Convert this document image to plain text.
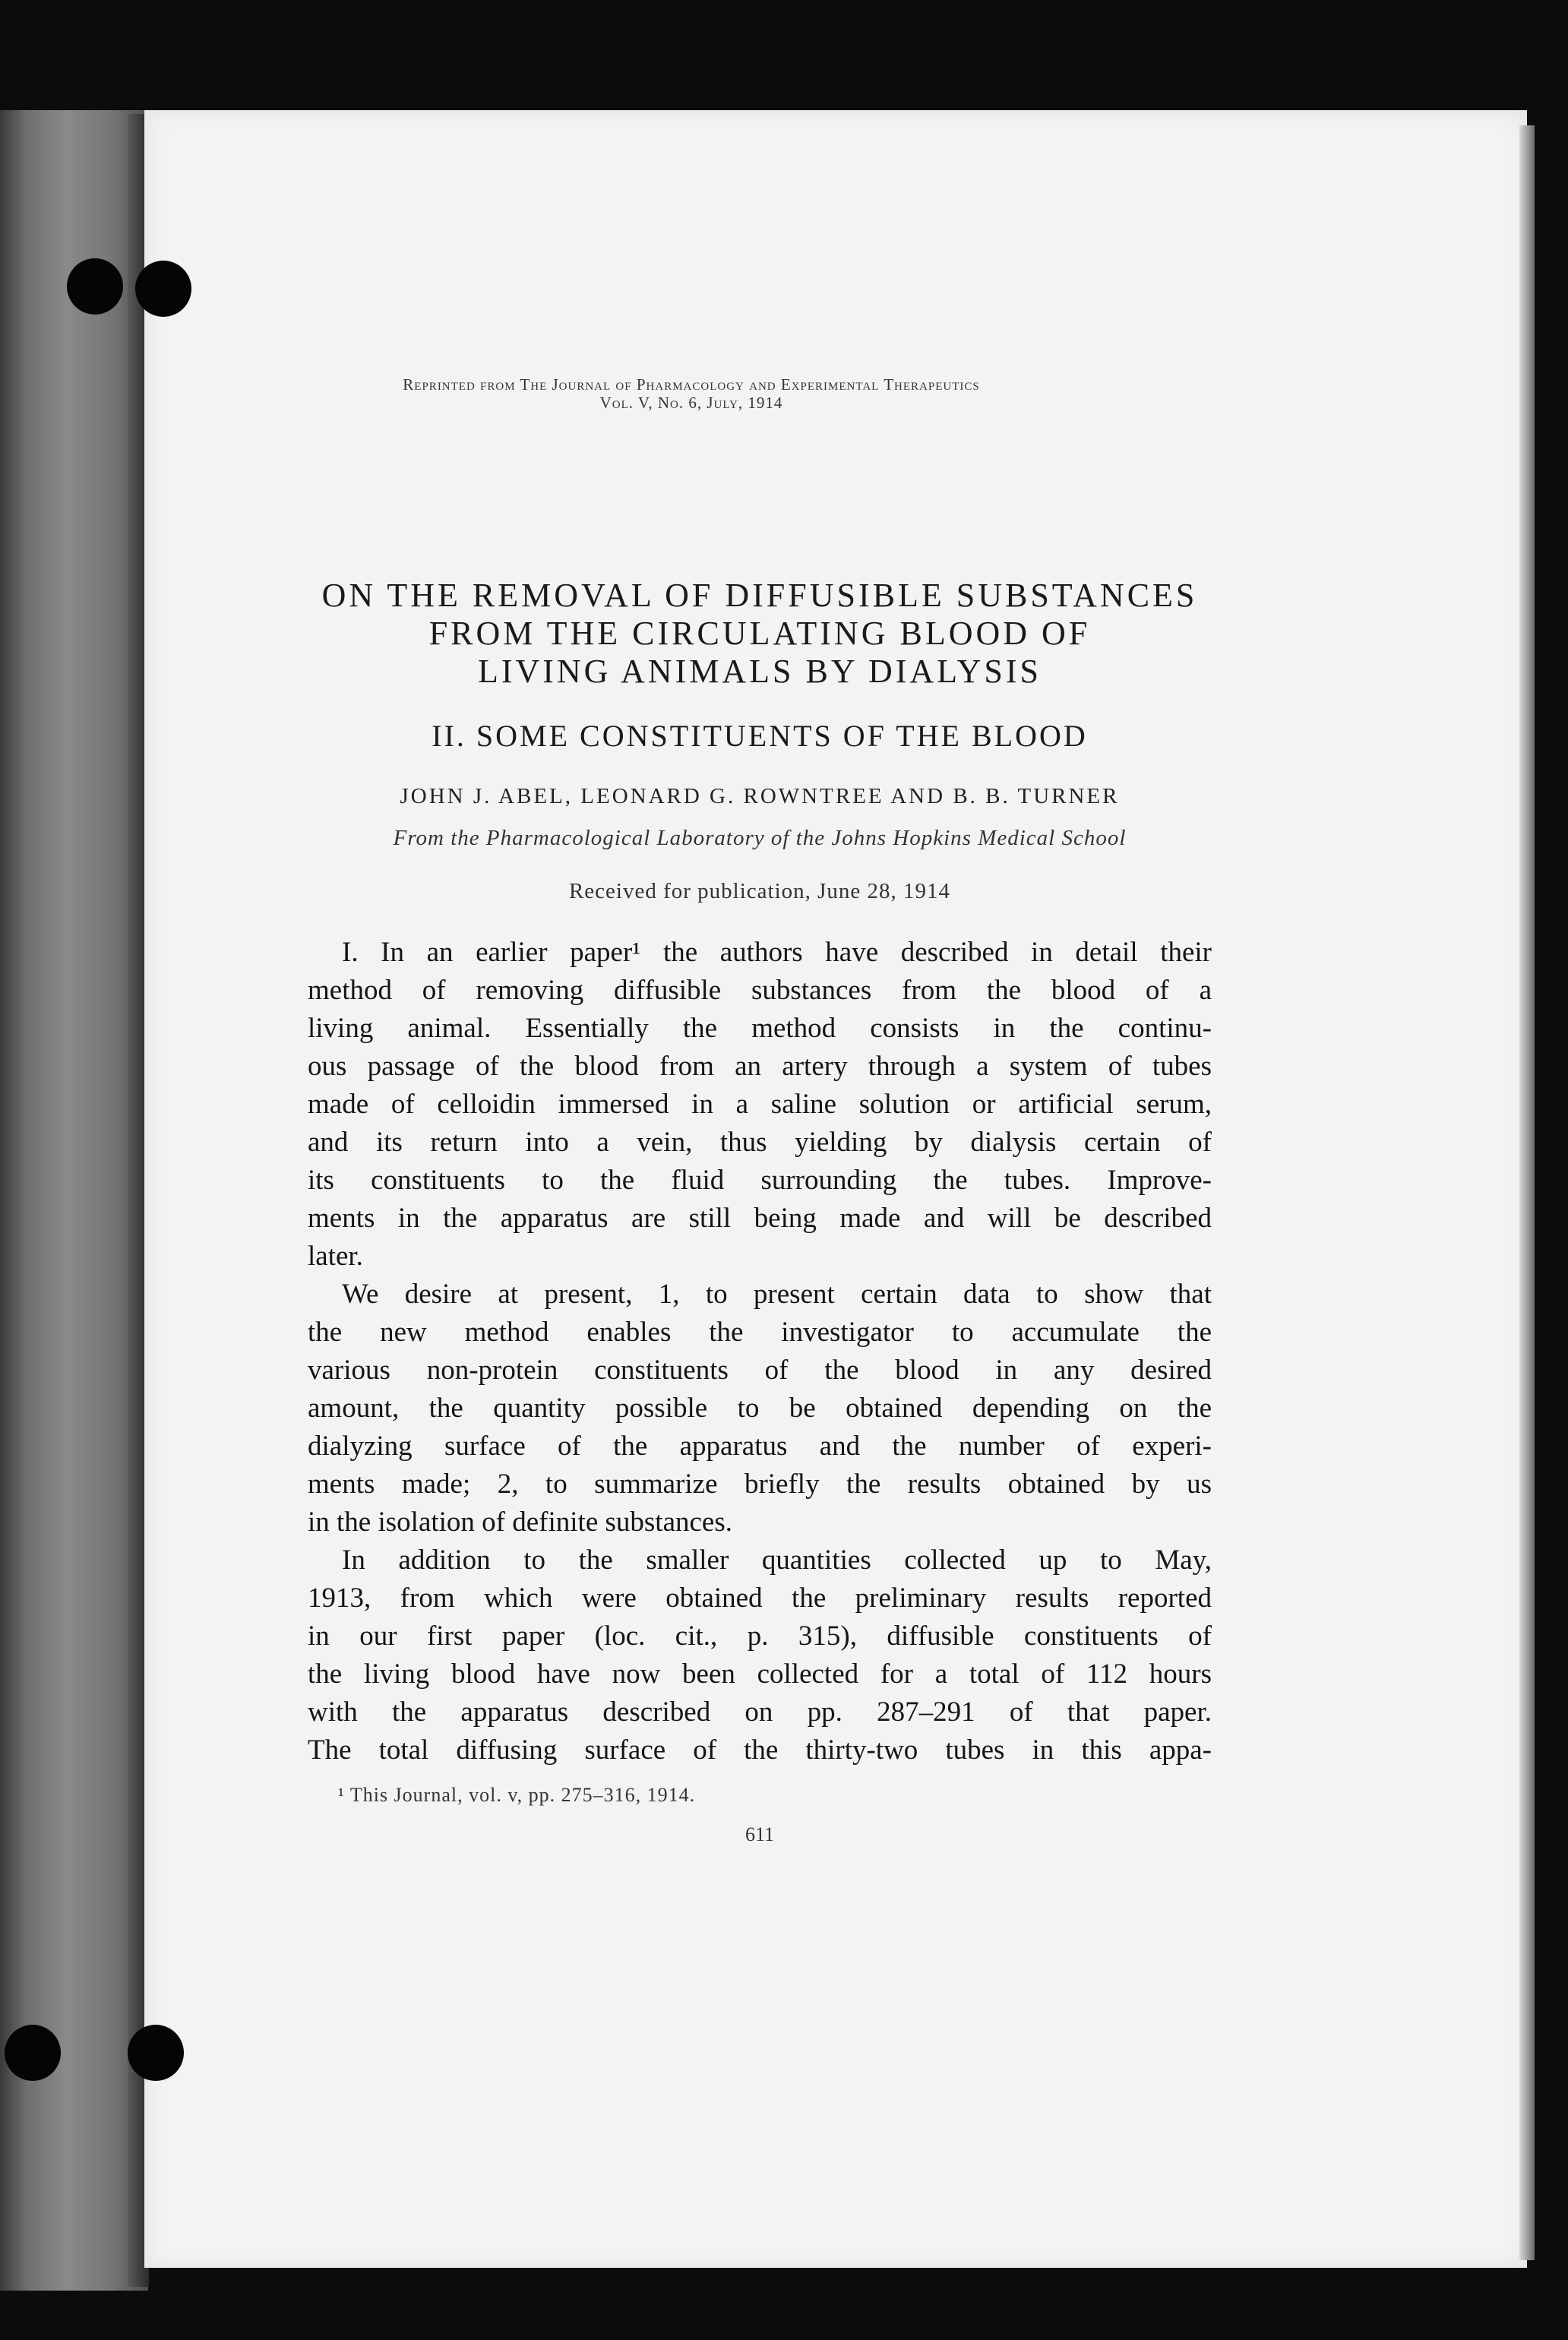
Reprinted from The Journal of Pharmacology and Experimental Therapeutics
Vol. V, No. 6, July, 1914
ON THE REMOVAL OF DIFFUSIBLE SUBSTANCES
FROM THE CIRCULATING BLOOD OF
LIVING ANIMALS BY DIALYSIS
II. SOME CONSTITUENTS OF THE BLOOD
JOHN J. ABEL, LEONARD G. ROWNTREE AND B. B. TURNER
From the Pharmacological Laboratory of the Johns Hopkins Medical School
Received for publication, June 28, 1914
I. In an earlier paper¹ the authors have described in detail their
method of removing diffusible substances from the blood of a
living animal. Essentially the method consists in the continu-
ous passage of the blood from an artery through a system of tubes
made of celloidin immersed in a saline solution or artificial serum,
and its return into a vein, thus yielding by dialysis certain of
its constituents to the fluid surrounding the tubes. Improve-
ments in the apparatus are still being made and will be described
later.
We desire at present, 1, to present certain data to show that
the new method enables the investigator to accumulate the
various non-protein constituents of the blood in any desired
amount, the quantity possible to be obtained depending on the
dialyzing surface of the apparatus and the number of experi-
ments made; 2, to summarize briefly the results obtained by us
in the isolation of definite substances.
In addition to the smaller quantities collected up to May,
1913, from which were obtained the preliminary results reported
in our first paper (loc. cit., p. 315), diffusible constituents of
the living blood have now been collected for a total of 112 hours
with the apparatus described on pp. 287–291 of that paper.
The total diffusing surface of the thirty-two tubes in this appa-
¹ This Journal, vol. v, pp. 275–316, 1914.
611
